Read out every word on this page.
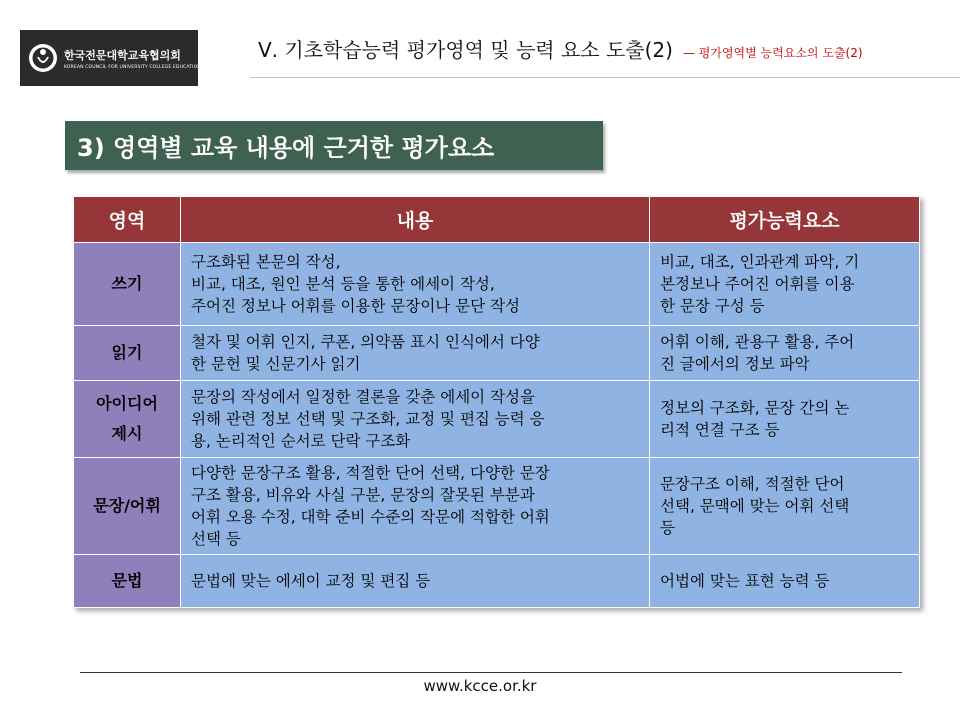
한국전문대학교육협의회
KOREAN COUNCIL FOR UNIVERSITY COLLEGE EDUCATION
Ⅴ. 기초학습능력 평가영역 및 능력 요소 도출(2) — 평가영역별 능력요소의 도출(2)
3) 영역별 교육 내용에 근거한 평가요소
영역	내용	평가능력요소

쓰기	구조화된 본문의 작성,
비교, 대조, 원인 분석 등을 통한 에세이 작성,
주어진 정보나 어휘를 이용한 문장이나 문단 작성	비교, 대조, 인과관계 파악, 기
본정보나 주어진 어휘를 이용
한 문장 구성 등

읽기	철자 및 어휘 인지, 쿠폰, 의약품 표시 인식에서 다양
한 문헌 및 신문기사 읽기	어휘 이해, 관용구 활용, 주어
진 글에서의 정보 파악

아이디어
제시	문장의 작성에서 일정한 결론을 갖춘 에세이 작성을
위해 관련 정보 선택 및 구조화, 교정 및 편집 능력 응
용, 논리적인 순서로 단락 구조화	정보의 구조화, 문장 간의 논
리적 연결 구조 등

문장/어휘	다양한 문장구조 활용, 적절한 단어 선택, 다양한 문장
구조 활용, 비유와 사실 구분, 문장의 잘못된 부분과
어휘 오용 수정, 대학 준비 수준의 작문에 적합한 어휘
선택 등	문장구조 이해, 적절한 단어
선택, 문맥에 맞는 어휘 선택
등

문법	문법에 맞는 에세이 교정 및 편집 등	어법에 맞는 표현 능력 등
www.kcce.or.kr
